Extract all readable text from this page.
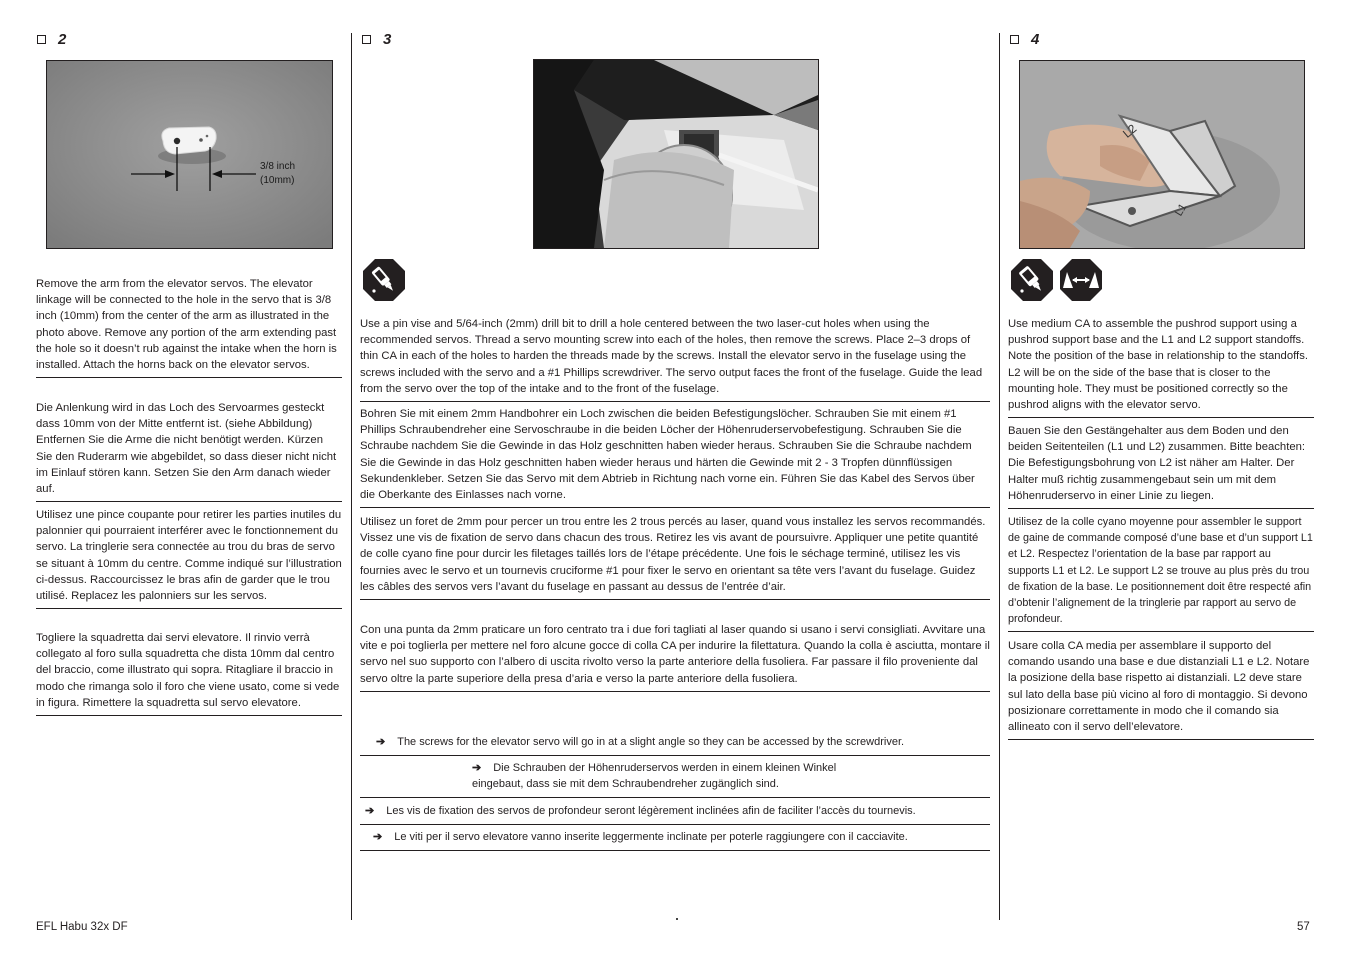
2
3/8 inch
(10mm)

Remove the arm from the elevator servos. The elevator linkage will be connected to the hole in the servo that is 3/8 inch (10mm) from the center of the arm as illustrated in the photo above. Remove any portion of the arm extending past the hole so it doesn’t rub against the intake when the horn is installed. Attach the horns back on the elevator servos.

Die Anlenkung wird in das Loch des Servoarmes gesteckt dass 10mm von der Mitte entfernt ist. (siehe Abbildung) Entfernen Sie die Arme die nicht benötigt werden. Kürzen Sie den Ruderarm wie abgebildet, so dass dieser nicht nicht im Einlauf stören kann. Setzen Sie den Arm danach wieder auf.

Utilisez une pince coupante pour retirer les parties inutiles du palonnier qui pourraient interférer avec le fonctionnement du servo. La tringlerie sera connectée au trou du bras de servo se situant à 10mm du centre. Comme indiqué sur l’illustration ci-dessus. Raccourcissez le bras afin de garder que le trou utilisé. Replacez les palonniers sur les servos.

Togliere la squadretta dai servi elevatore. Il rinvio verrà collegato al foro sulla squadretta che dista 10mm dal centro del braccio, come illustrato qui sopra. Ritagliare il braccio in modo che rimanga solo il foro che viene usato, come si vede in figura. Rimettere la squadretta sul servo elevatore.

3

Use a pin vise and 5/64-inch (2mm) drill bit to drill a hole centered between the two laser-cut holes when using the recommended servos. Thread a servo mounting screw into each of the holes, then remove the screws. Place 2–3 drops of thin CA in each of the holes to harden the threads made by the screws. Install the elevator servo in the fuselage using the screws included with the servo and a #1 Phillips screwdriver. The servo output faces the front of the fuselage. Guide the lead from the servo over the top of the intake and to the front of the fuselage.

Bohren Sie mit einem 2mm Handbohrer ein Loch zwischen die beiden Befestigungslöcher. Schrauben Sie mit einem #1 Phillips Schraubendreher eine Servoschraube in die beiden Löcher der Höhenruderservobefestigung. Schrauben Sie die Schraube nachdem Sie die Gewinde in das Holz geschnitten haben wieder heraus. Schrauben Sie die Schraube nachdem Sie die Gewinde in das Holz geschnitten haben wieder heraus und härten die Gewinde mit 2 - 3 Tropfen dünnflüssigen Sekundenkleber. Setzen Sie das Servo mit dem Abtrieb in Richtung nach vorne ein. Führen Sie das Kabel des Servos über die Oberkante des Einlasses nach vorne.

Utilisez un foret de 2mm pour percer un trou entre les 2 trous percés au laser, quand vous installez les servos recommandés. Vissez une vis de fixation de servo dans chacun des trous. Retirez les vis avant de poursuivre. Appliquer une petite quantité de colle cyano fine pour durcir les filetages taillés lors de l’étape précédente. Une fois le séchage terminé, utilisez les vis fournies avec le servo et un tournevis cruciforme #1 pour fixer le servo en orientant sa tête vers l’avant du fuselage. Guidez les câbles des servos vers l’avant du fuselage en passant au dessus de l’entrée d’air.

Con una punta da 2mm praticare un foro centrato tra i due fori tagliati al laser quando si usano i servi consigliati. Avvitare una vite e poi toglierla per mettere nel foro alcune gocce di colla CA per indurire la filettatura. Quando la colla è asciutta, montare il servo nel suo supporto con l’albero di uscita rivolto verso la parte anteriore della fusoliera. Far passare il filo proveniente dal servo oltre la parte superiore della presa d’aria e verso la parte anteriore della fusoliera.

➔ The screws for the elevator servo will go in at a slight angle so they can be accessed by the screwdriver.
➔ Die Schrauben der Höhenruderservos werden in einem kleinen Winkel eingebaut, dass sie mit dem Schraubendreher zugänglich sind.
➔ Les vis de fixation des servos de profondeur seront légèrement inclinées afin de faciliter l’accès du tournevis.
➔ Le viti per il servo elevatore vanno inserite leggermente inclinate per poterle raggiungere con il cacciavite.
4
L2
L1

Use medium CA to assemble the pushrod support using a pushrod support base and the L1 and L2 support standoffs. Note the position of the base in relationship to the standoffs. L2 will be on the side of the base that is closer to the mounting hole. They must be positioned correctly so the pushrod aligns with the elevator servo.

Bauen Sie den Gestängehalter aus dem Boden und den beiden Seitenteilen (L1 und L2) zusammen. Bitte beachten: Die Befestigungsbohrung von L2 ist näher am Halter. Der Halter muß richtig zusammengebaut sein um mit dem Höhenruderservo in einer Linie zu liegen.

Utilisez de la colle cyano moyenne pour assembler le support de gaine de commande composé d’une base et d’un support L1 et L2. Respectez l’orientation de la base par rapport au supports L1 et L2. Le support L2 se trouve au plus près du trou de fixation de la base. Le positionnement doit être respecté afin d’obtenir l’alignement de la tringlerie par rapport au servo de profondeur.

Usare colla CA media per assemblare il supporto del comando usando una base e due distanziali L1 e L2. Notare la posizione della base rispetto ai distanziali. L2 deve stare sul lato della base più vicino al foro di montaggio. Si devono posizionare correttamente in modo che il comando sia allineato con il servo dell’elevatore.

EFL Habu 32x DF	57
